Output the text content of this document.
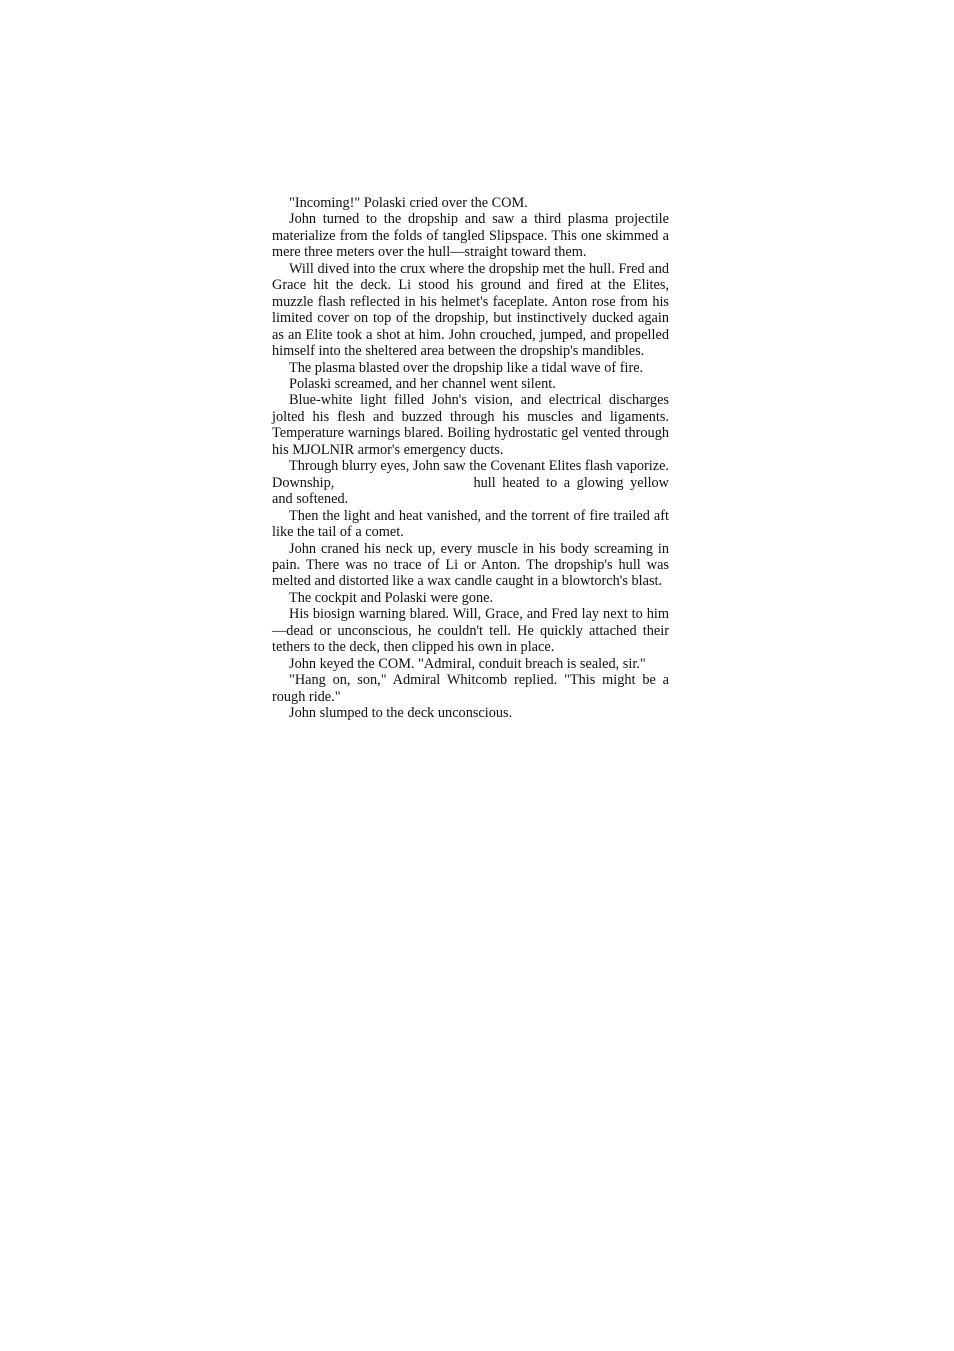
"Incoming!" Polaski cried over the COM.

John turned to the dropship and saw a third plasma projectile materialize from the folds of tangled Slipspace. This one skimmed a mere three meters over the hull—straight toward them.

Will dived into the crux where the dropship met the hull. Fred and Grace hit the deck. Li stood his ground and fired at the Elites, muzzle flash reflected in his helmet's faceplate. Anton rose from his limited cover on top of the dropship, but instinctively ducked again as an Elite took a shot at him. John crouched, jumped, and propelled himself into the sheltered area between the dropship's mandibles.

The plasma blasted over the dropship like a tidal wave of fire.

Polaski screamed, and her channel went silent.

Blue-white light filled John's vision, and electrical discharges jolted his flesh and buzzed through his muscles and ligaments. Temperature warnings blared. Boiling hydrostatic gel vented through his MJOLNIR armor's emergency ducts.

Through blurry eyes, John saw the Covenant Elites flash vaporize. Downship,	hull heated to a glowing yellow and softened.

Then the light and heat vanished, and the torrent of fire trailed aft like the tail of a comet.

John craned his neck up, every muscle in his body screaming in pain. There was no trace of Li or Anton. The dropship's hull was melted and distorted like a wax candle caught in a blowtorch's blast.

The cockpit and Polaski were gone.

His biosign warning blared. Will, Grace, and Fred lay next to him—dead or unconscious, he couldn't tell. He quickly attached their tethers to the deck, then clipped his own in place.

John keyed the COM. "Admiral, conduit breach is sealed, sir."

"Hang on, son," Admiral Whitcomb replied. "This might be a rough ride."

John slumped to the deck unconscious.
